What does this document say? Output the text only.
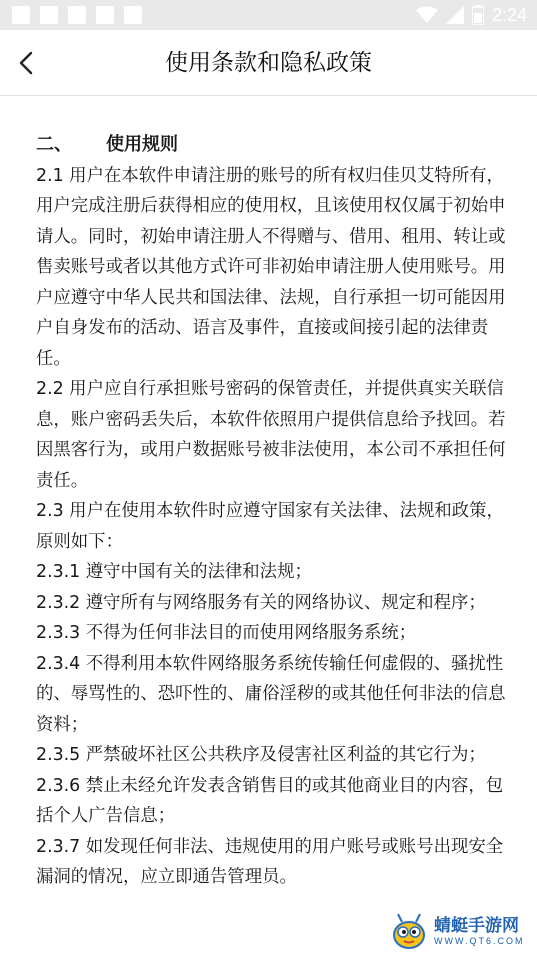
2:24
使用条款和隐私政策
二、 使用规则
2.1 用户在本软件申请注册的账号的所有权归佳贝艾特所有，用户完成注册后获得相应的使用权，且该使用权仅属于初始申请人。同时，初始申请注册人不得赠与、借用、租用、转让或售卖账号或者以其他方式许可非初始申请注册人使用账号。用户应遵守中华人民共和国法律、法规，自行承担一切可能因用户自身发布的活动、语言及事件，直接或间接引起的法律责任。
2.2 用户应自行承担账号密码的保管责任，并提供真实关联信息，账户密码丢失后，本软件依照用户提供信息给予找回。若因黑客行为，或用户数据账号被非法使用，本公司不承担任何责任。
2.3 用户在使用本软件时应遵守国家有关法律、法规和政策，原则如下：
2.3.1 遵守中国有关的法律和法规；
2.3.2 遵守所有与网络服务有关的网络协议、规定和程序；
2.3.3 不得为任何非法目的而使用网络服务系统；
2.3.4 不得利用本软件网络服务系统传输任何虚假的、骚扰性的、辱骂性的、恐吓性的、庸俗淫秽的或其他任何非法的信息资料；
2.3.5 严禁破坏社区公共秩序及侵害社区利益的其它行为；
2.3.6 禁止未经允许发表含销售目的或其他商业目的内容，包括个人广告信息；
2.3.7 如发现任何非法、违规使用的用户账号或账号出现安全漏洞的情况，应立即通告管理员。
蜻蜓手游网
WWW.QT6.COM
